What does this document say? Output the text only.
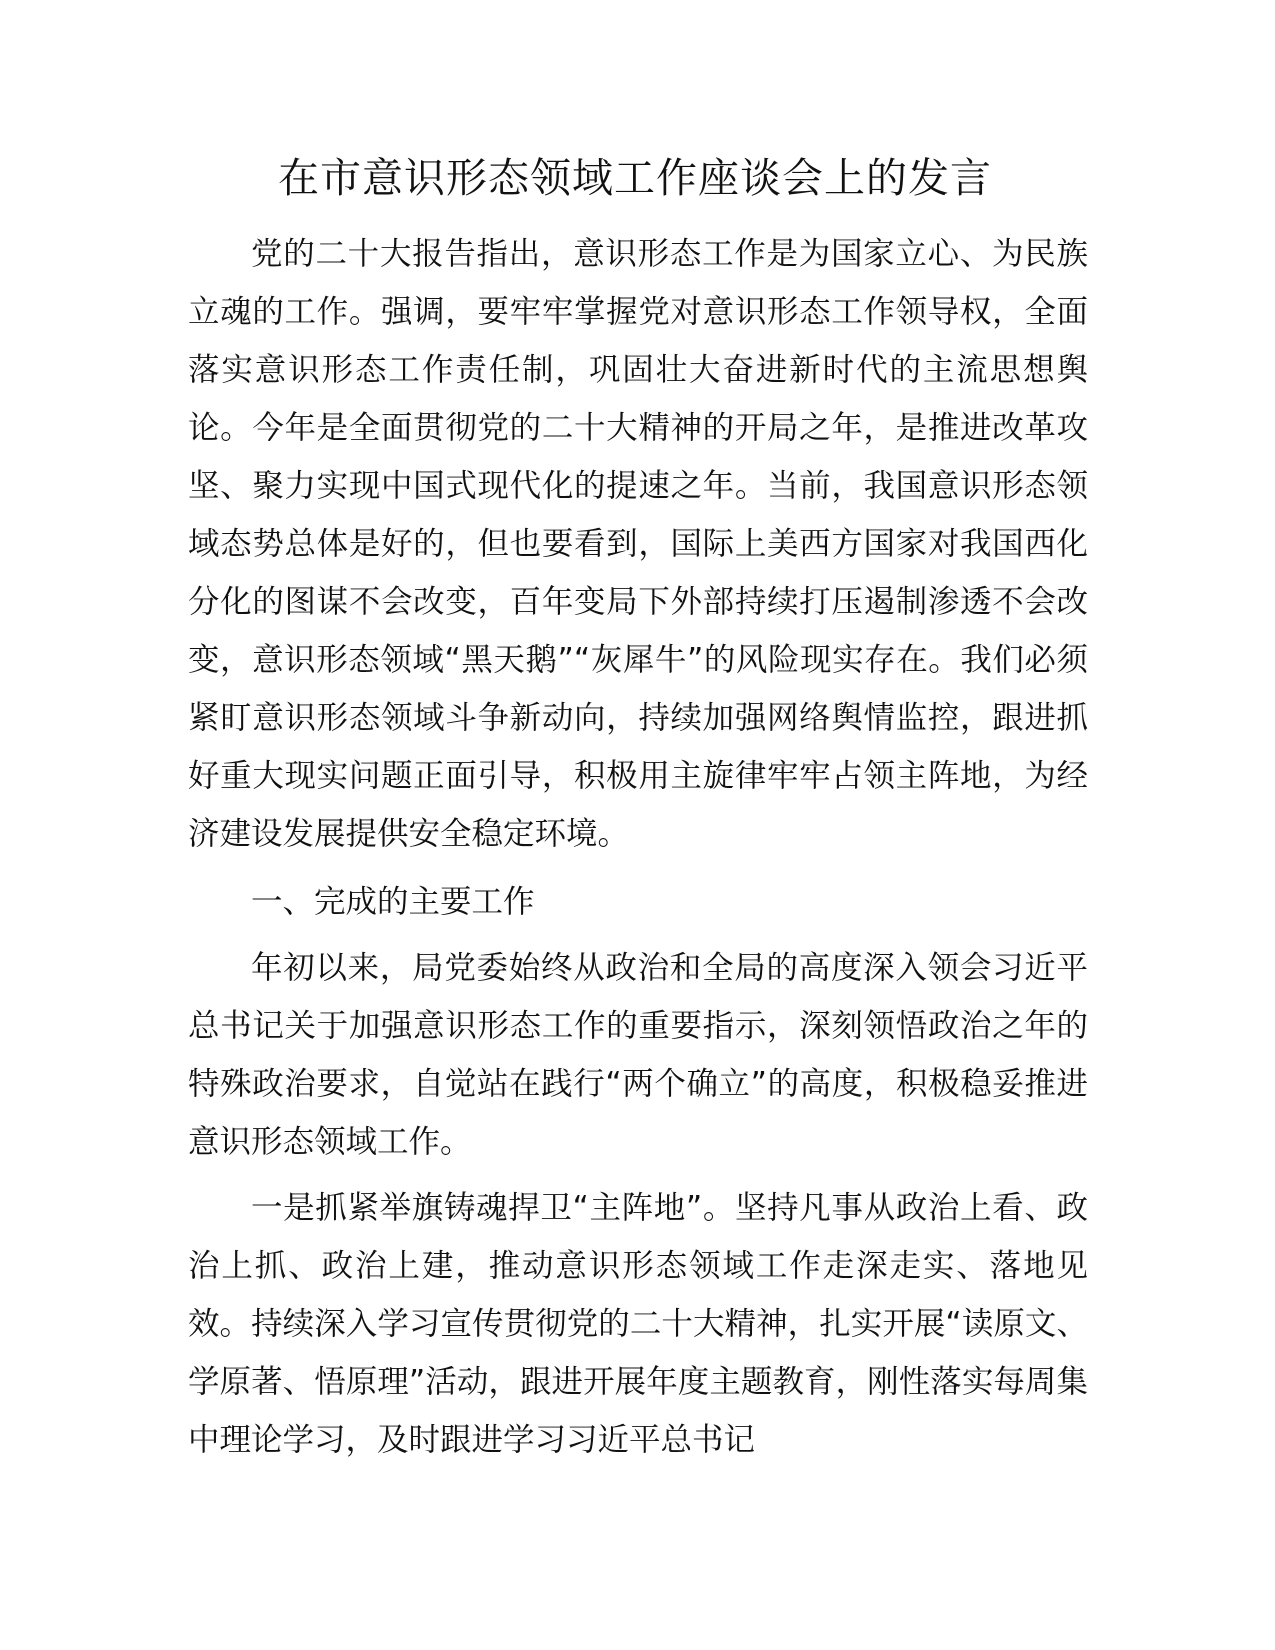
在市意识形态领域工作座谈会上的发言

党的二十大报告指出，意识形态工作是为国家立心、为民族立魂的工作。强调，要牢牢掌握党对意识形态工作领导权，全面落实意识形态工作责任制，巩固壮大奋进新时代的主流思想舆论。今年是全面贯彻党的二十大精神的开局之年，是推进改革攻坚、聚力实现中国式现代化的提速之年。当前，我国意识形态领域态势总体是好的，但也要看到，国际上美西方国家对我国西化分化的图谋不会改变，百年变局下外部持续打压遏制渗透不会改变，意识形态领域“黑天鹅”“灰犀牛”的风险现实存在。我们必须紧盯意识形态领域斗争新动向，持续加强网络舆情监控，跟进抓好重大现实问题正面引导，积极用主旋律牢牢占领主阵地，为经济建设发展提供安全稳定环境。

一、完成的主要工作

年初以来，局党委始终从政治和全局的高度深入领会习近平总书记关于加强意识形态工作的重要指示，深刻领悟政治之年的特殊政治要求，自觉站在践行“两个确立”的高度，积极稳妥推进意识形态领域工作。

一是抓紧举旗铸魂捍卫“主阵地”。坚持凡事从政治上看、政治上抓、政治上建，推动意识形态领域工作走深走实、落地见效。持续深入学习宣传贯彻党的二十大精神，扎实开展“读原文、学原著、悟原理”活动，跟进开展年度主题教育，刚性落实每周集中理论学习，及时跟进学习习近平总书记
